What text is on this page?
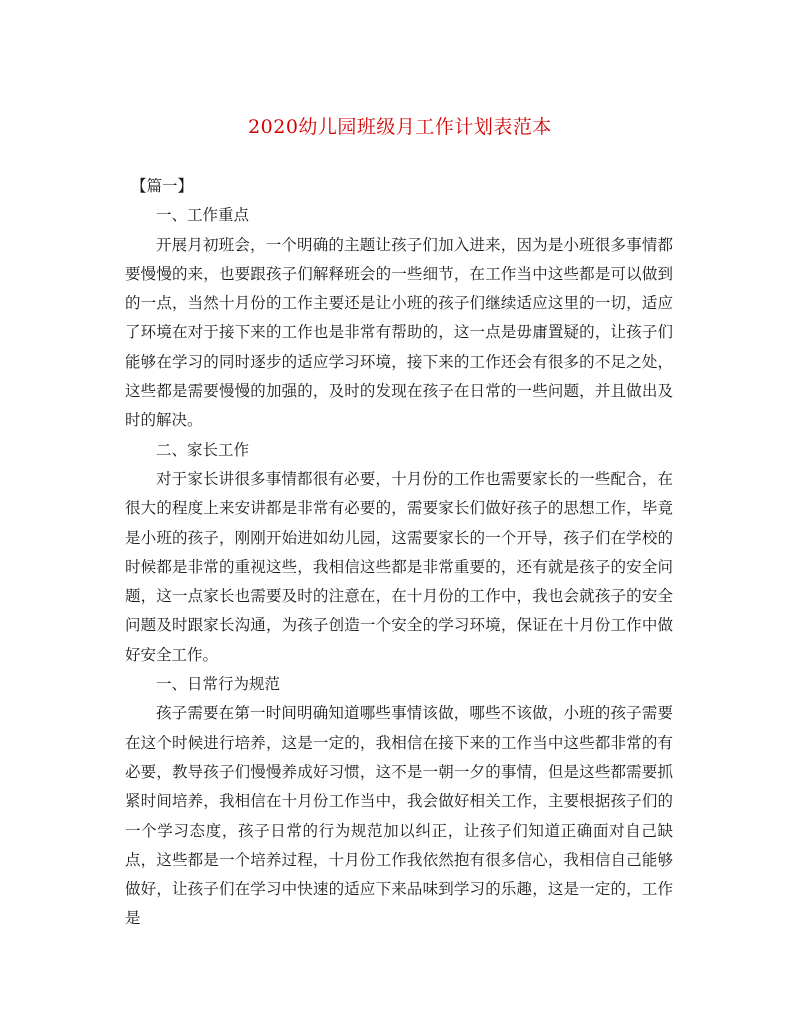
2020幼儿园班级月工作计划表范本

【篇一】

一、工作重点

开展月初班会，一个明确的主题让孩子们加入进来，因为是小班很多事情都要慢慢的来，也要跟孩子们解释班会的一些细节，在工作当中这些都是可以做到的一点，当然十月份的工作主要还是让小班的孩子们继续适应这里的一切，适应了环境在对于接下来的工作也是非常有帮助的，这一点是毋庸置疑的，让孩子们能够在学习的同时逐步的适应学习环境，接下来的工作还会有很多的不足之处，这些都是需要慢慢的加强的，及时的发现在孩子在日常的一些问题，并且做出及时的解决。

二、家长工作

对于家长讲很多事情都很有必要，十月份的工作也需要家长的一些配合，在很大的程度上来安讲都是非常有必要的，需要家长们做好孩子的思想工作，毕竟是小班的孩子，刚刚开始进如幼儿园，这需要家长的一个开导，孩子们在学校的时候都是非常的重视这些，我相信这些都是非常重要的，还有就是孩子的安全问题，这一点家长也需要及时的注意在，在十月份的工作中，我也会就孩子的安全问题及时跟家长沟通，为孩子创造一个安全的学习环境，保证在十月份工作中做好安全工作。

一、日常行为规范

孩子需要在第一时间明确知道哪些事情该做，哪些不该做，小班的孩子需要在这个时候进行培养，这是一定的，我相信在接下来的工作当中这些都非常的有必要，教导孩子们慢慢养成好习惯，这不是一朝一夕的事情，但是这些都需要抓紧时间培养，我相信在十月份工作当中，我会做好相关工作，主要根据孩子们的一个学习态度，孩子日常的行为规范加以纠正，让孩子们知道正确面对自己缺点，这些都是一个培养过程，十月份工作我依然抱有很多信心，我相信自己能够做好，让孩子们在学习中快速的适应下来品味到学习的乐趣，这是一定的，工作是
